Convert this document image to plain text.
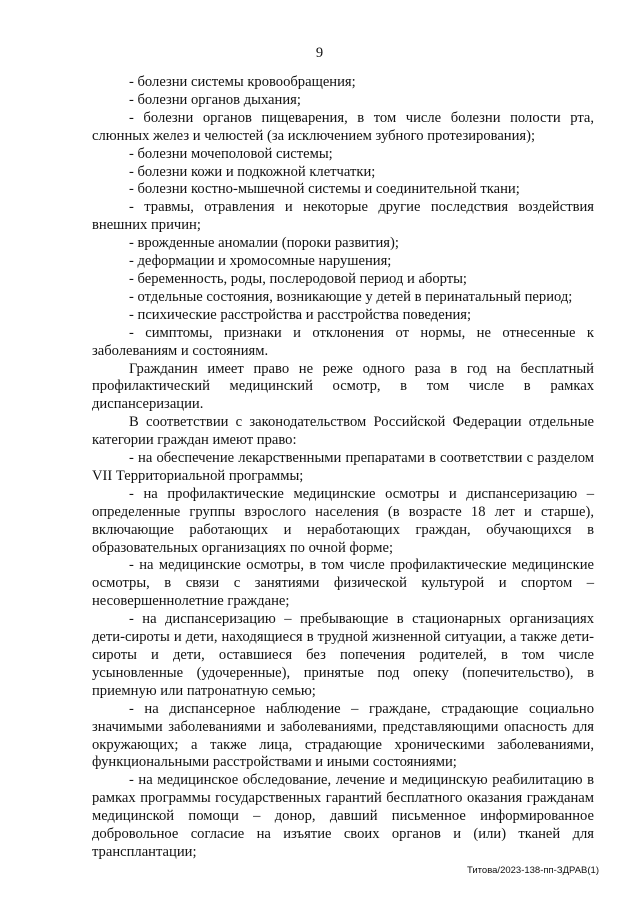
9

- болезни системы кровообращения;

- болезни органов дыхания;

- болезни органов пищеварения, в том числе болезни полости рта, слюнных желез и челюстей (за исключением зубного протезирования);

- болезни мочеполовой системы;

- болезни кожи и подкожной клетчатки;

- болезни костно-мышечной системы и соединительной ткани;

- травмы, отравления и некоторые другие последствия воздействия внешних причин;

- врожденные аномалии (пороки развития);

- деформации и хромосомные нарушения;

- беременность, роды, послеродовой период и аборты;

- отдельные состояния, возникающие у детей в перинатальный период;

- психические расстройства и расстройства поведения;

- симптомы, признаки и отклонения от нормы, не отнесенные к заболеваниям и состояниям.

Гражданин имеет право не реже одного раза в год на бесплатный профилактический медицинский осмотр, в том числе в рамках диспансеризации.

В соответствии с законодательством Российской Федерации отдельные категории граждан имеют право:

- на обеспечение лекарственными препаратами в соответствии с разделом VII Территориальной программы;

- на профилактические медицинские осмотры и диспансеризацию – определенные группы взрослого населения (в возрасте 18 лет и старше), включающие работающих и неработающих граждан, обучающихся в образовательных организациях по очной форме;

- на медицинские осмотры, в том числе профилактические медицинские осмотры, в связи с занятиями физической культурой и спортом – несовершеннолетние граждане;

- на диспансеризацию – пребывающие в стационарных организациях дети-сироты и дети, находящиеся в трудной жизненной ситуации, а также дети-сироты и дети, оставшиеся без попечения родителей, в том числе усыновленные (удочеренные), принятые под опеку (попечительство), в приемную или патронатную семью;

- на диспансерное наблюдение – граждане, страдающие социально значимыми заболеваниями и заболеваниями, представляющими опасность для окружающих; а также лица, страдающие хроническими заболеваниями, функциональными расстройствами и иными состояниями;

- на медицинское обследование, лечение и медицинскую реабилитацию в рамках программы государственных гарантий бесплатного оказания гражданам медицинской помощи – донор, давший письменное информированное добровольное согласие на изъятие своих органов и (или) тканей для трансплантации;

Титова/2023-138-пп-ЗДРАВ(1)
